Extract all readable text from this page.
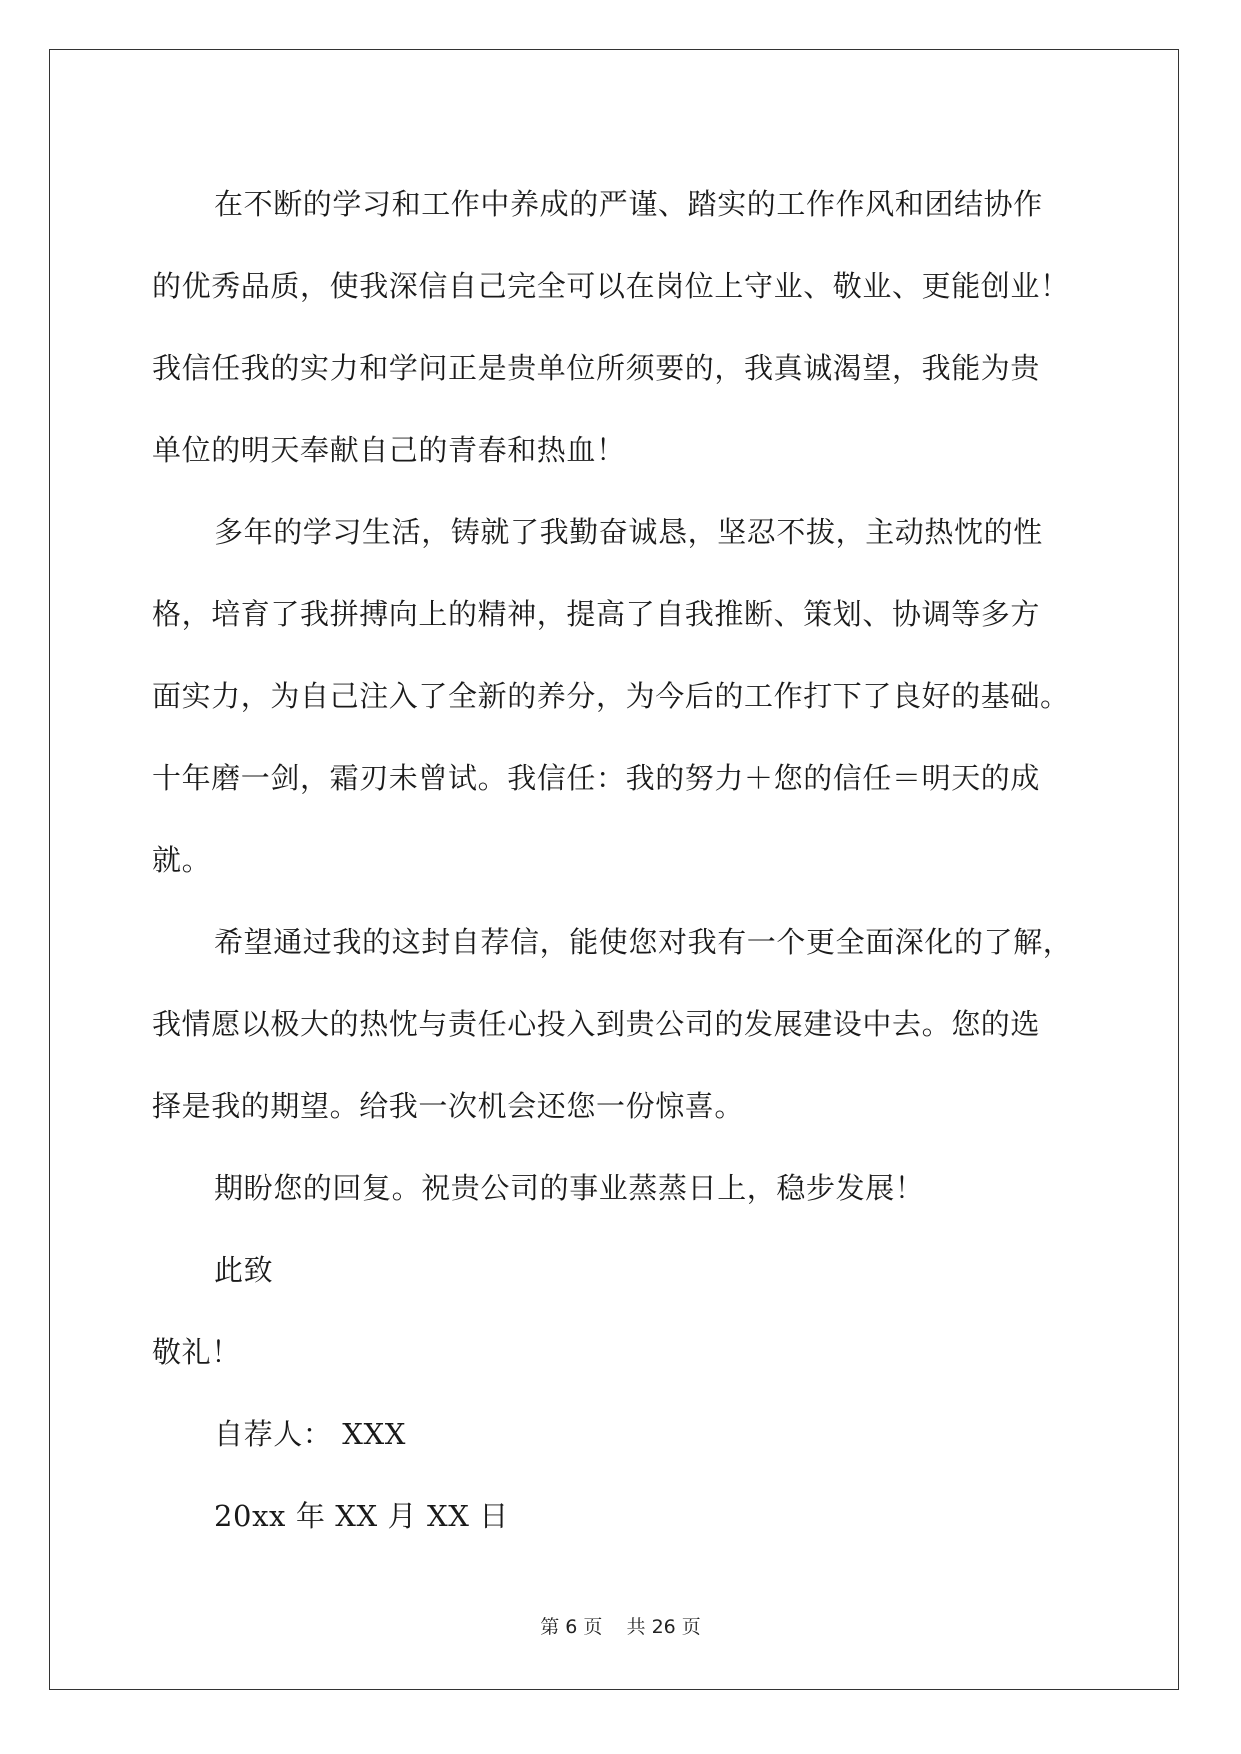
在不断的学习和工作中养成的严谨、踏实的工作作风和团结协作
的优秀品质，使我深信自己完全可以在岗位上守业、敬业、更能创业！
我信任我的实力和学问正是贵单位所须要的，我真诚渴望，我能为贵
单位的明天奉献自己的青春和热血！
多年的学习生活，铸就了我勤奋诚恳，坚忍不拔，主动热忱的性
格，培育了我拼搏向上的精神，提高了自我推断、策划、协调等多方
面实力，为自己注入了全新的养分，为今后的工作打下了良好的基础。
十年磨一剑，霜刃未曾试。我信任：我的努力＋您的信任＝明天的成
就。
希望通过我的这封自荐信，能使您对我有一个更全面深化的了解，
我情愿以极大的热忱与责任心投入到贵公司的发展建设中去。您的选
择是我的期望。给我一次机会还您一份惊喜。
期盼您的回复。祝贵公司的事业蒸蒸日上，稳步发展！
此致
敬礼！
自荐人： XXX
20xx 年 XX 月 XX 日
第 6 页 共 26 页
